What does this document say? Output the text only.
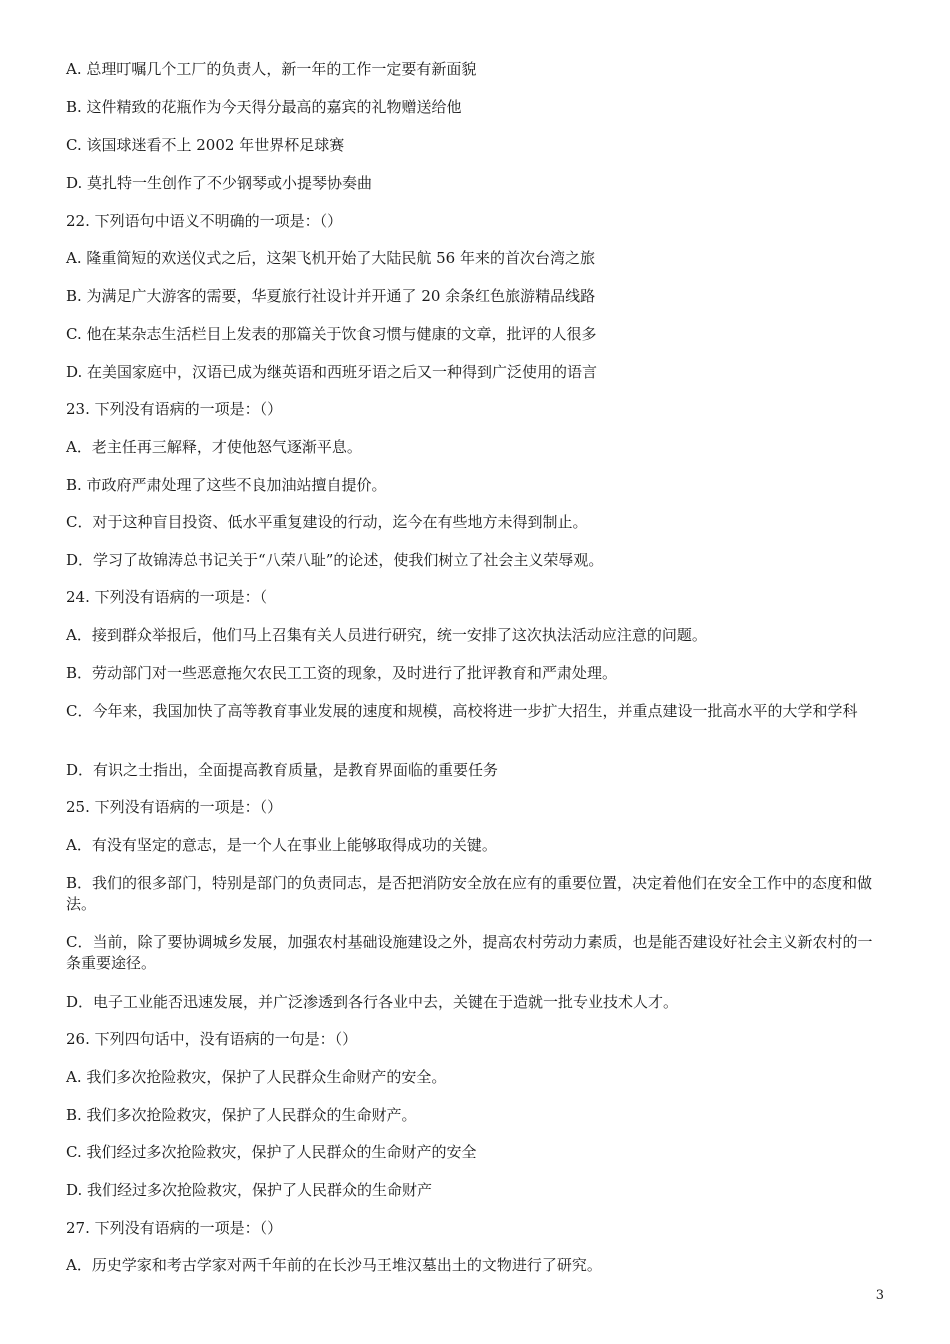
A. 总理叮嘱几个工厂的负责人，新一年的工作一定要有新面貌
B. 这件精致的花瓶作为今天得分最高的嘉宾的礼物赠送给他
C. 该国球迷看不上 2002 年世界杯足球赛
D. 莫扎特一生创作了不少钢琴或小提琴协奏曲
22. 下列语句中语义不明确的一项是：（）
A. 隆重简短的欢送仪式之后，这架飞机开始了大陆民航 56 年来的首次台湾之旅
B. 为满足广大游客的需要，华夏旅行社设计并开通了 20 余条红色旅游精品线路
C. 他在某杂志生活栏目上发表的那篇关于饮食习惯与健康的文章，批评的人很多
D. 在美国家庭中，汉语已成为继英语和西班牙语之后又一种得到广泛使用的语言
23. 下列没有语病的一项是：（）
A．老主任再三解释，才使他怒气逐渐平息。
B. 市政府严肃处理了这些不良加油站擅自提价。
C．对于这种盲目投资、低水平重复建设的行动，迄今在有些地方未得到制止。
D．学习了故锦涛总书记关于“八荣八耻”的论述，使我们树立了社会主义荣辱观。
24. 下列没有语病的一项是：（
A．接到群众举报后，他们马上召集有关人员进行研究，统一安排了这次执法活动应注意的问题。
B．劳动部门对一些恶意拖欠农民工工资的现象，及时进行了批评教育和严肃处理。
C．今年来，我国加快了高等教育事业发展的速度和规模，高校将进一步扩大招生，并重点建设一批高水平的大学和学科
D．有识之士指出，全面提高教育质量，是教育界面临的重要任务
25. 下列没有语病的一项是：（）
A．有没有坚定的意志，是一个人在事业上能够取得成功的关键。
B．我们的很多部门，特别是部门的负责同志，是否把消防安全放在应有的重要位置，决定着他们在安全工作中的态度和做法。
C．当前，除了要协调城乡发展，加强农村基础设施建设之外，提高农村劳动力素质，也是能否建设好社会主义新农村的一条重要途径。
D．电子工业能否迅速发展，并广泛渗透到各行各业中去，关键在于造就一批专业技术人才。
26. 下列四句话中，没有语病的一句是：（）
A. 我们多次抢险救灾，保护了人民群众生命财产的安全。
B. 我们多次抢险救灾，保护了人民群众的生命财产。
C. 我们经过多次抢险救灾，保护了人民群众的生命财产的安全
D. 我们经过多次抢险救灾，保护了人民群众的生命财产
27. 下列没有语病的一项是：（）
A．历史学家和考古学家对两千年前的在长沙马王堆汉墓出土的文物进行了研究。
3
